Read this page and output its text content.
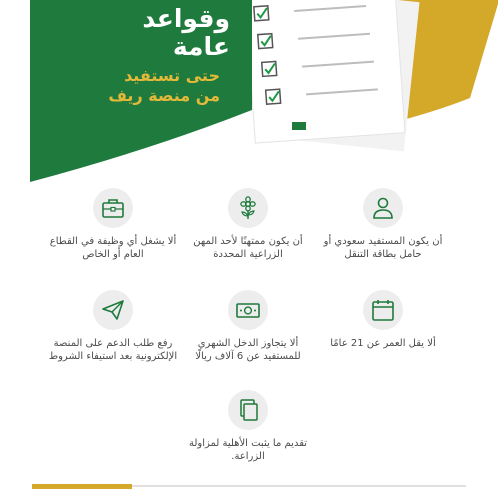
وقواعد
عامة
حتى تستفيد
من منصة ريف
أن يكون المستفيد سعودي أو حامل بطاقة التنقل
أن يكون ممتهنًا لأحد المهن الزراعية المحددة
ألا يشغل أي وظيفة في القطاع العام أو الخاص
ألا يقل العمر عن 21 عامًا
ألا يتجاوز الدخل الشهري للمستفيد عن 6 آلاف ريالًا
رفع طلب الدعم على المنصة الإلكترونية بعد استيفاء الشروط
تقديم ما يثبت الأهلية لمزاولة الزراعة.
